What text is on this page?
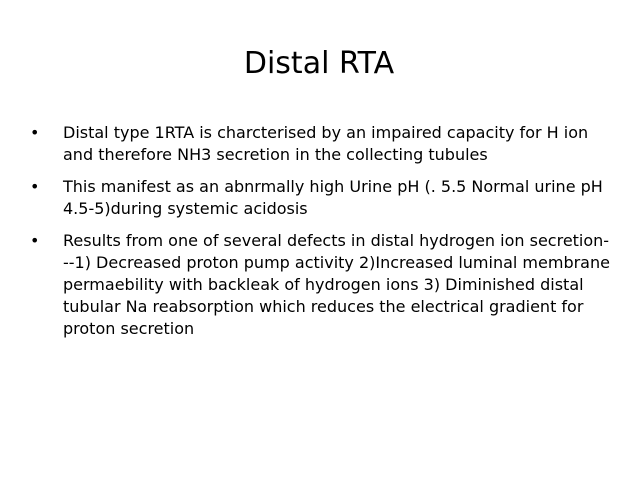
Distal RTA
• Distal type 1RTA is charcterised by an impaired capacity for H ion and therefore NH3 secretion in the collecting tubules
• This manifest as an abnrmally high Urine pH (. 5.5 Normal urine pH 4.5-5)during systemic acidosis
• Results from one of several defects in distal hydrogen ion secretion---1) Decreased proton pump activity 2)Increased luminal membrane permaebility with backleak of hydrogen ions 3) Diminished distal tubular Na reabsorption which reduces the electrical gradient for proton secretion
